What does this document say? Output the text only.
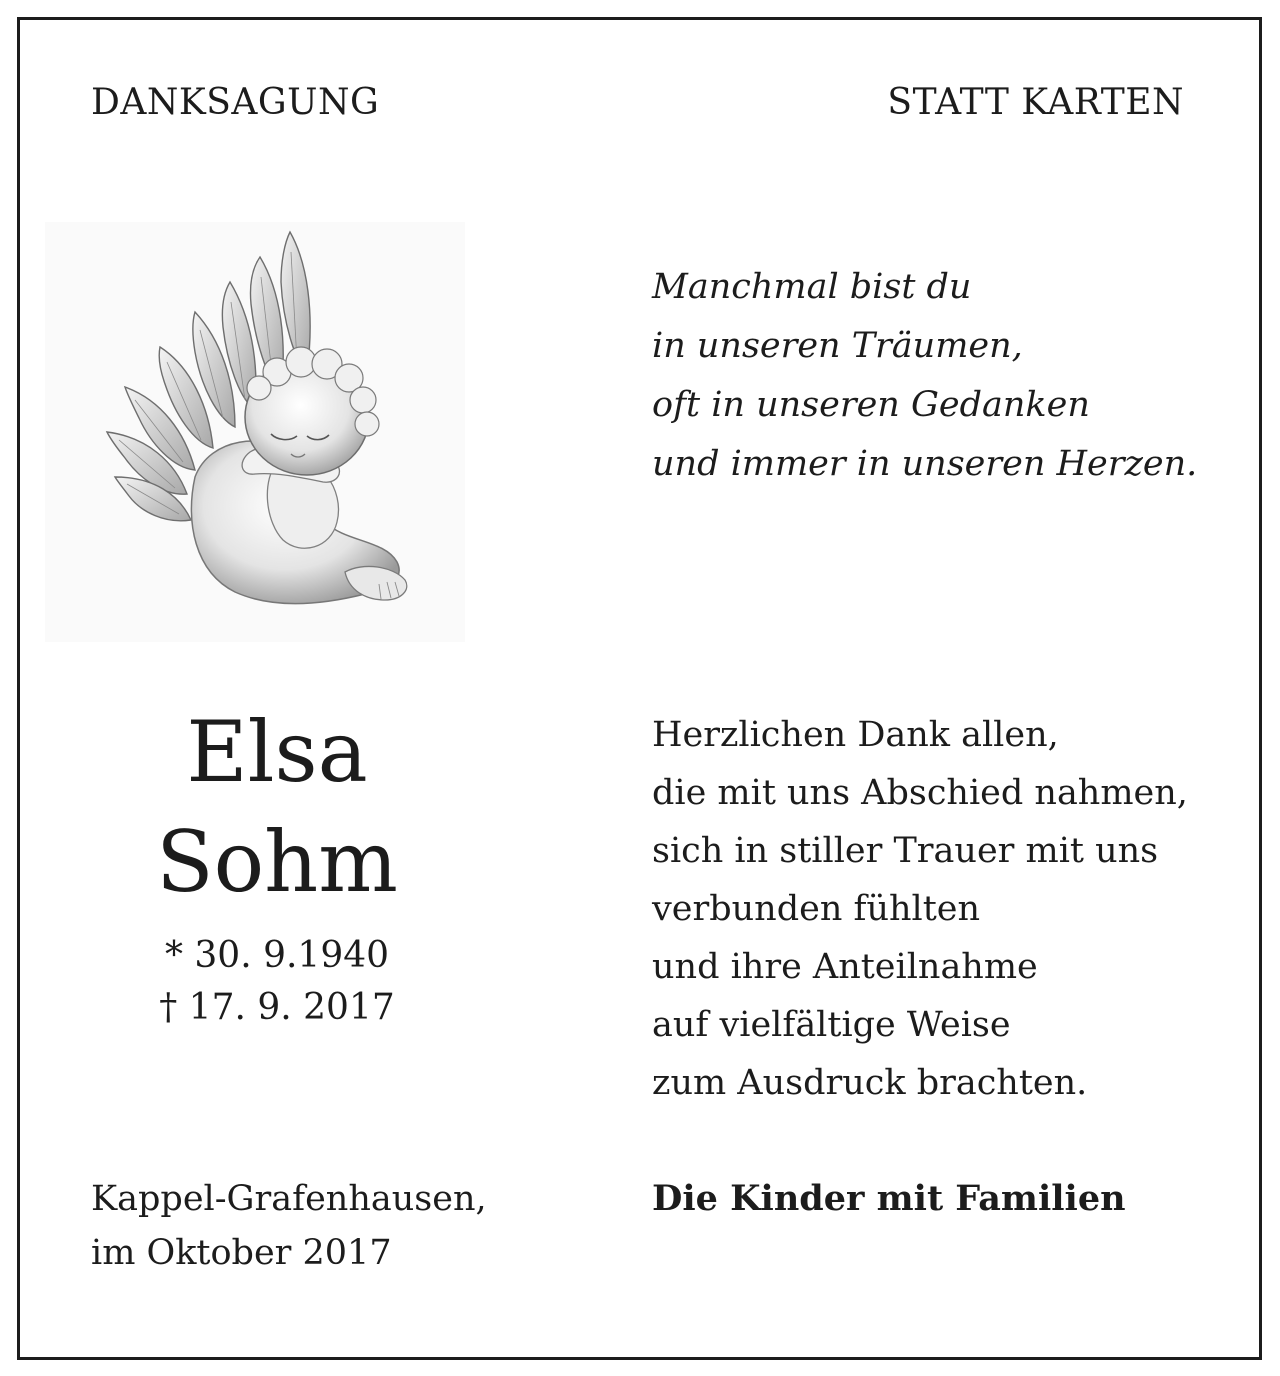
DANKSAGUNG	STATT KARTEN
Manchmal bist du
in unseren Träumen,
oft in unseren Gedanken
und immer in unseren Herzen.
Elsa
Sohm
* 30. 9.1940
† 17. 9. 2017
Herzlichen Dank allen,
die mit uns Abschied nahmen,
sich in stiller Trauer mit uns
verbunden fühlten
und ihre Anteilnahme
auf vielfältige Weise
zum Ausdruck brachten.
Kappel-Grafenhausen,
im Oktober 2017
Die Kinder mit Familien
